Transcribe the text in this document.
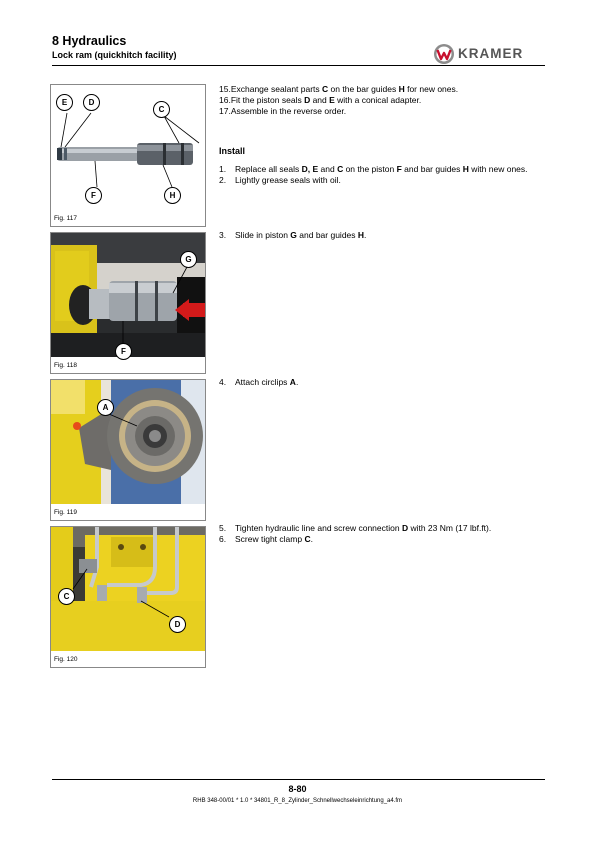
8 Hydraulics
Lock ram (quickhitch facility)	KRAMER
E	D
C
F	H
Fig. 117
G
F
Fig. 118
A
Fig. 119
C
D
Fig. 120
15.Exchange sealant parts C on the bar guides H for new ones.
16.Fit the piston seals D and E with a conical adapter.
17.Assemble in the reverse order.
Install
1. Replace all seals D, E and C on the piston F and bar guides H with new ones.
2. Lightly grease seals with oil.
3. Slide in piston G and bar guides H.
4. Attach circlips A.
5. Tighten hydraulic line and screw connection D with 23 Nm (17 lbf.ft).
6. Screw tight clamp C.
8-80
RHB 348-00/01 * 1.0 * 34801_R_8_Zylinder_Schnellwechseleinrichtung_a4.fm
